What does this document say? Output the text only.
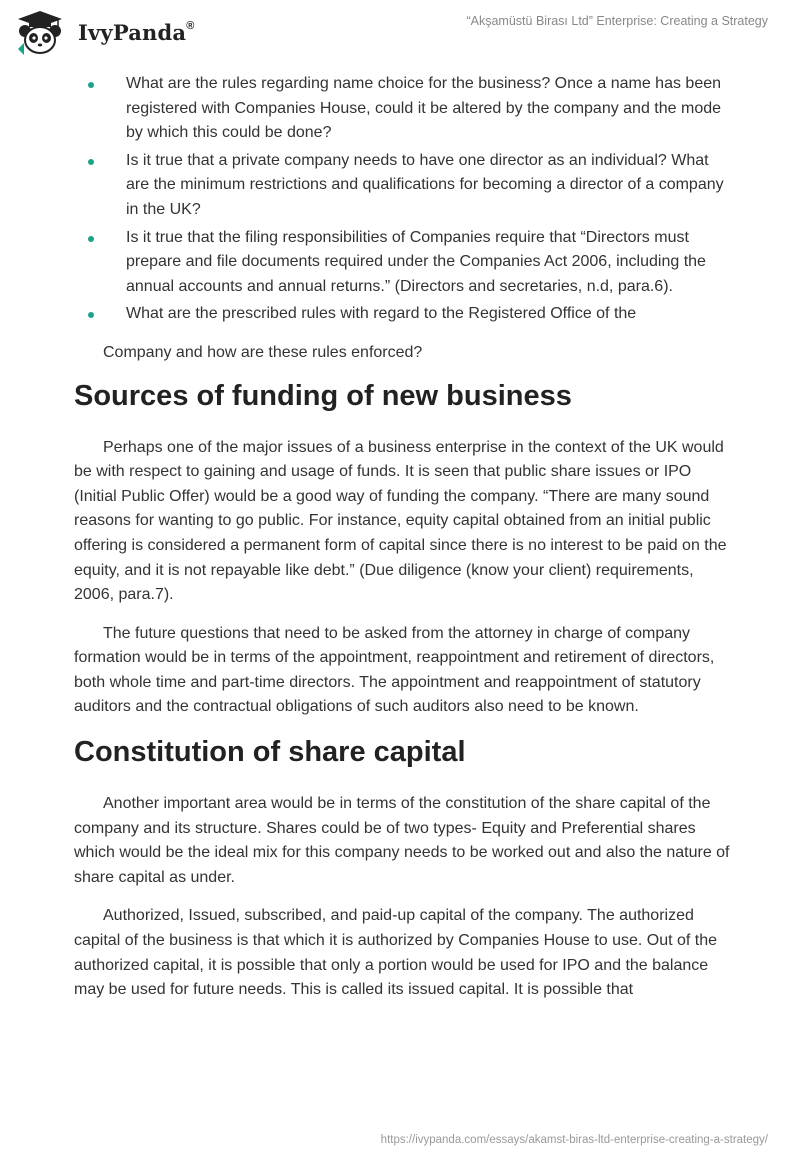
IvyPanda®	“Akşamüstü Birası Ltd” Enterprise: Creating a Strategy
What are the rules regarding name choice for the business? Once a name has been registered with Companies House, could it be altered by the company and the mode by which this could be done?
Is it true that a private company needs to have one director as an individual? What are the minimum restrictions and qualifications for becoming a director of a company in the UK?
Is it true that the filing responsibilities of Companies require that “Directors must prepare and file documents required under the Companies Act 2006, including the annual accounts and annual returns.” (Directors and secretaries, n.d, para.6).
What are the prescribed rules with regard to the Registered Office of the
Company and how are these rules enforced?
Sources of funding of new business

Perhaps one of the major issues of a business enterprise in the context of the UK would be with respect to gaining and usage of funds. It is seen that public share issues or IPO (Initial Public Offer) would be a good way of funding the company. “There are many sound reasons for wanting to go public. For instance, equity capital obtained from an initial public offering is considered a permanent form of capital since there is no interest to be paid on the equity, and it is not repayable like debt.” (Due diligence (know your client) requirements, 2006, para.7).

The future questions that need to be asked from the attorney in charge of company formation would be in terms of the appointment, reappointment and retirement of directors, both whole time and part-time directors. The appointment and reappointment of statutory auditors and the contractual obligations of such auditors also need to be known.

Constitution of share capital

Another important area would be in terms of the constitution of the share capital of the company and its structure. Shares could be of two types- Equity and Preferential shares which would be the ideal mix for this company needs to be worked out and also the nature of share capital as under.

Authorized, Issued, subscribed, and paid-up capital of the company. The authorized capital of the business is that which it is authorized by Companies House to use. Out of the authorized capital, it is possible that only a portion would be used for IPO and the balance may be used for future needs. This is called its issued capital. It is possible that

https://ivypanda.com/essays/akamst-biras-ltd-enterprise-creating-a-strategy/
